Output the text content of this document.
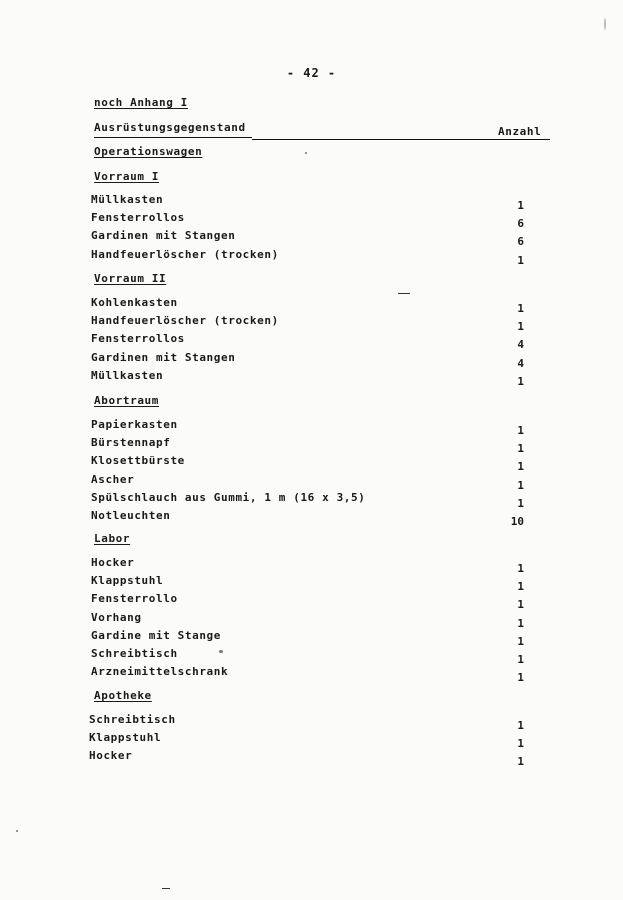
- 42 -
noch Anhang I
Ausrüstungsgegenstand	Anzahl
Operationswagen
Vorraum I
Müllkasten	1
Fensterrollos	6
Gardinen mit Stangen	6
Handfeuerlöscher (trocken)	1
Vorraum II
Kohlenkasten	1
Handfeuerlöscher (trocken)	1
Fensterrollos	4
Gardinen mit Stangen	4
Müllkasten	1
Abortraum
Papierkasten	1
Bürstennapf	1
Klosettbürste	1
Ascher	1
Spülschlauch aus Gummi, 1 m (16 x 3,5)	1
Notleuchten	10
Labor
Hocker	1
Klappstuhl	1
Fensterrollo	1
Vorhang	1
Gardine mit Stange	1
Schreibtisch	1
Arzneimittelschrank	1
Apotheke
Schreibtisch	1
Klappstuhl	1
Hocker	1
